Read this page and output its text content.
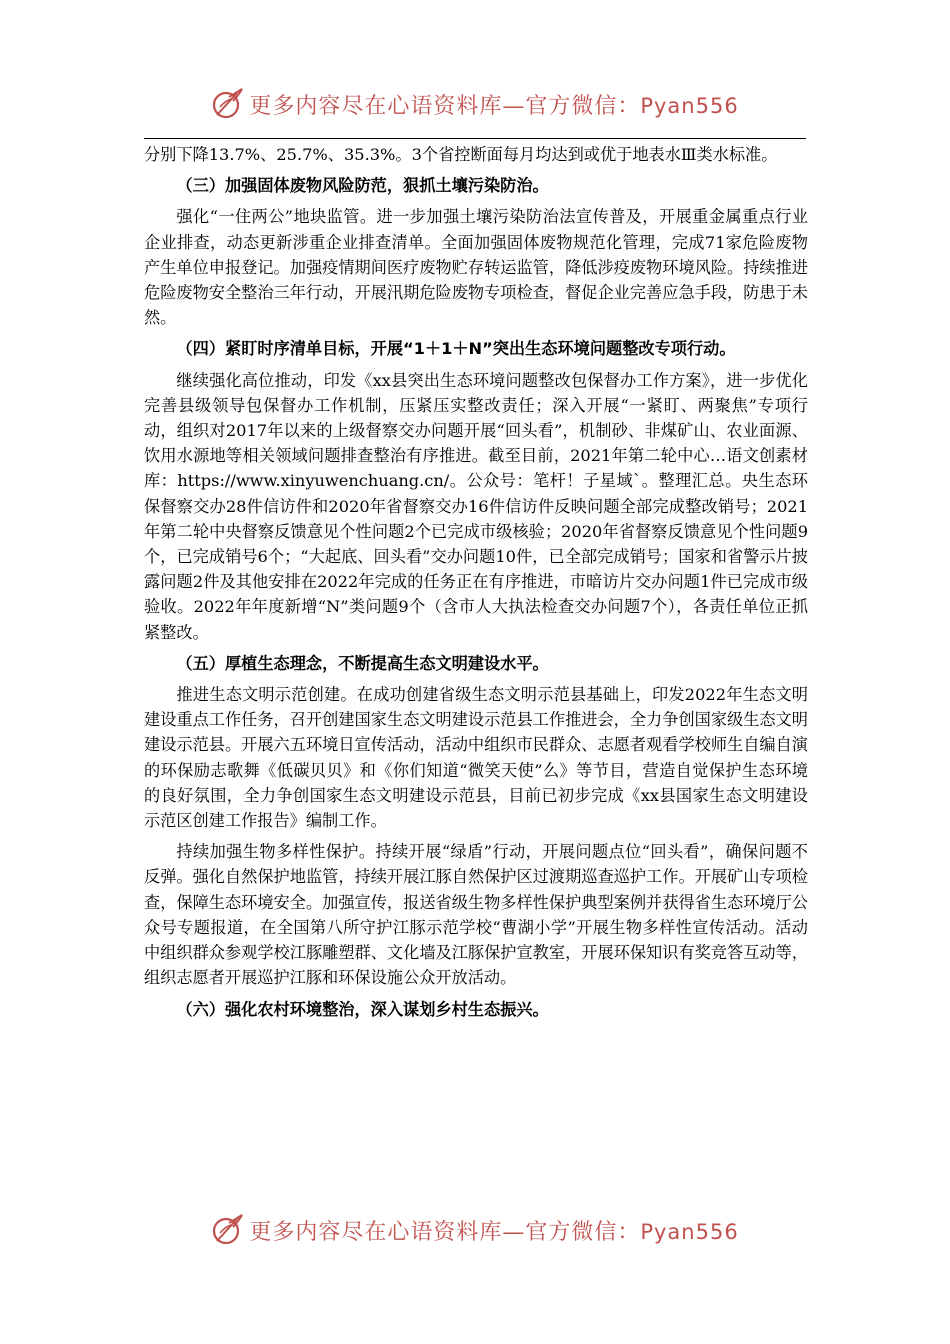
更多内容尽在心语资料库—官方微信：Pyan556

分别下降13.7%、25.7%、35.3%。3个省控断面每月均达到或优于地表水Ⅲ类水标准。

（三）加强固体废物风险防范，狠抓土壤污染防治。

强化“一住两公”地块监管。进一步加强土壤污染防治法宣传普及，开展重金属重点行业企业排查，动态更新涉重企业排查清单。全面加强固体废物规范化管理，完成71家危险废物产生单位申报登记。加强疫情期间医疗废物贮存转运监管，降低涉疫废物环境风险。持续推进危险废物安全整治三年行动，开展汛期危险废物专项检查，督促企业完善应急手段，防患于未然。

（四）紧盯时序清单目标，开展“1＋1＋N”突出生态环境问题整改专项行动。

继续强化高位推动，印发《xx县突出生态环境问题整改包保督办工作方案》，进一步优化完善县级领导包保督办工作机制，压紧压实整改责任；深入开展“一紧盯、两聚焦”专项行动，组织对2017年以来的上级督察交办问题开展“回头看”，机制砂、非煤矿山、农业面源、饮用水源地等相关领域问题排查整治有序推进。截至目前，2021年第二轮中心…语文创素材库：https://www.xinyuwenchuang.cn/。公众号：笔杆！子星域`。整理汇总。央生态环保督察交办28件信访件和2020年省督察交办16件信访件反映问题全部完成整改销号；2021年第二轮中央督察反馈意见个性问题2个已完成市级核验；2020年省督察反馈意见个性问题9个，已完成销号6个；“大起底、回头看”交办问题10件，已全部完成销号；国家和省警示片披露问题2件及其他安排在2022年完成的任务正在有序推进，市暗访片交办问题1件已完成市级验收。2022年年度新增“N”类问题9个（含市人大执法检查交办问题7个），各责任单位正抓紧整改。

（五）厚植生态理念，不断提高生态文明建设水平。

推进生态文明示范创建。在成功创建省级生态文明示范县基础上，印发2022年生态文明建设重点工作任务，召开创建国家生态文明建设示范县工作推进会，全力争创国家级生态文明建设示范县。开展六五环境日宣传活动，活动中组织市民群众、志愿者观看学校师生自编自演的环保励志歌舞《低碳贝贝》和《你们知道“微笑天使”么》等节目，营造自觉保护生态环境的良好氛围，全力争创国家生态文明建设示范县，目前已初步完成《xx县国家生态文明建设示范区创建工作报告》编制工作。

持续加强生物多样性保护。持续开展“绿盾”行动，开展问题点位“回头看”，确保问题不反弹。强化自然保护地监管，持续开展江豚自然保护区过渡期巡查巡护工作。开展矿山专项检查，保障生态环境安全。加强宣传，报送省级生物多样性保护典型案例并获得省生态环境厅公众号专题报道，在全国第八所守护江豚示范学校“曹湖小学”开展生物多样性宣传活动。活动中组织群众参观学校江豚雕塑群、文化墙及江豚保护宣教室，开展环保知识有奖竞答互动等，组织志愿者开展巡护江豚和环保设施公众开放活动。

（六）强化农村环境整治，深入谋划乡村生态振兴。

更多内容尽在心语资料库—官方微信：Pyan556
